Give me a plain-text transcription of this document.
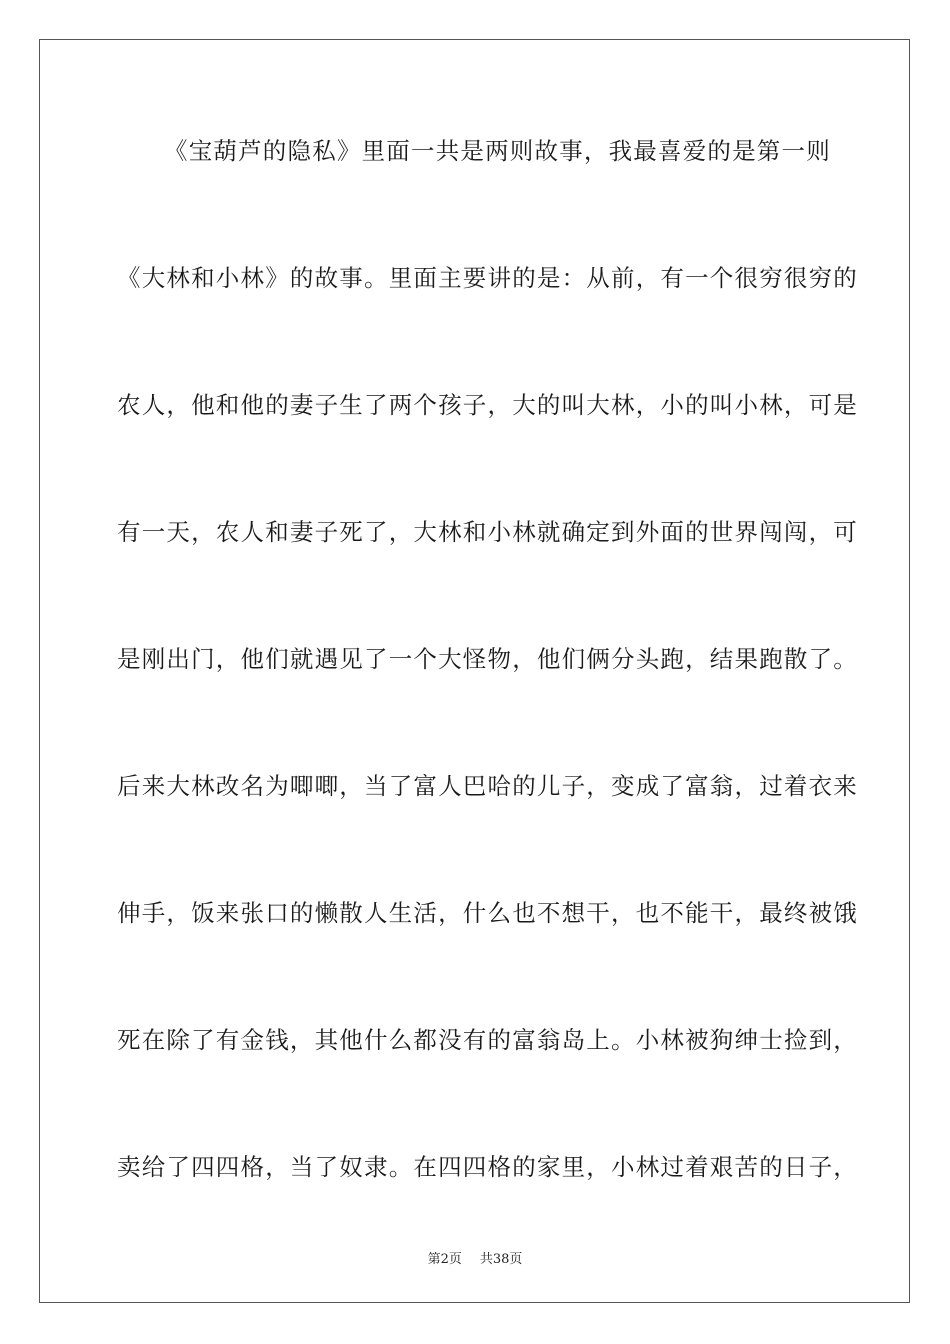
《宝葫芦的隐私》里面一共是两则故事，我最喜爱的是第一则
《大林和小林》的故事。里面主要讲的是：从前，有一个很穷很穷的
农人，他和他的妻子生了两个孩子，大的叫大林，小的叫小林，可是
有一天，农人和妻子死了，大林和小林就确定到外面的世界闯闯，可
是刚出门，他们就遇见了一个大怪物，他们俩分头跑，结果跑散了。
后来大林改名为唧唧，当了富人巴哈的儿子，变成了富翁，过着衣来
伸手，饭来张口的懒散人生活，什么也不想干，也不能干，最终被饿
死在除了有金钱，其他什么都没有的富翁岛上。小林被狗绅士捡到，
卖给了四四格，当了奴隶。在四四格的家里，小林过着艰苦的日子，
第2页 共38页
